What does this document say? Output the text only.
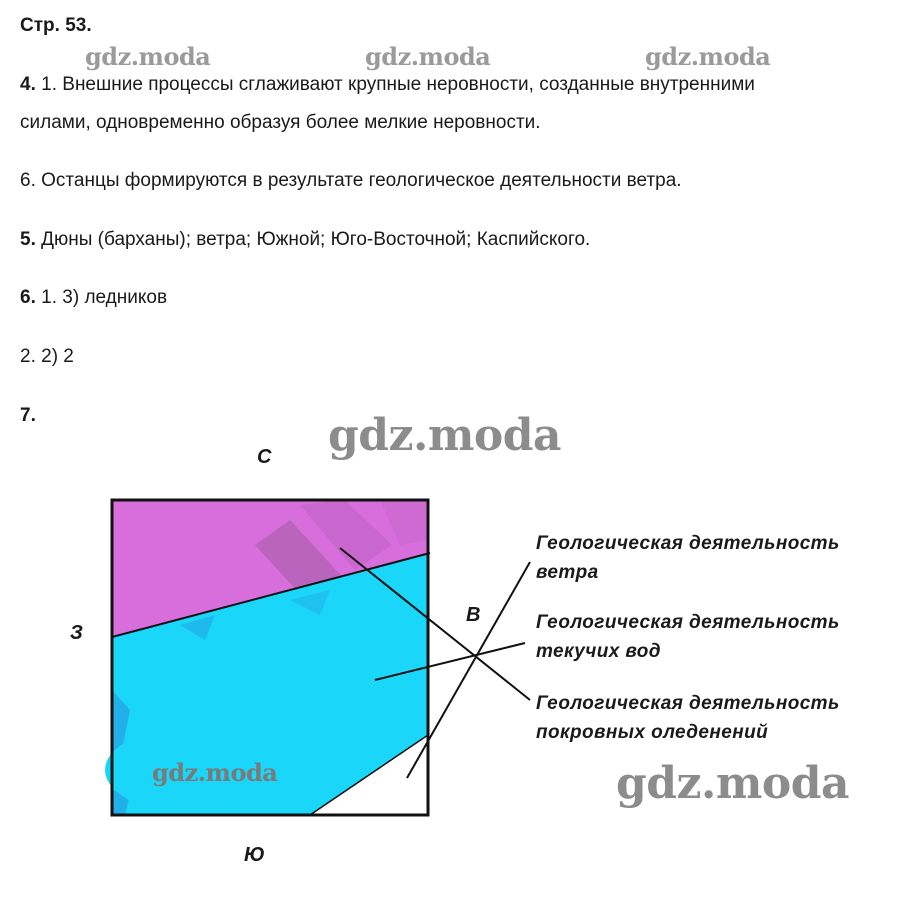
Стр. 53.
4. 1. Внешние процессы сглаживают крупные неровности, созданные внутренними
силами, одновременно образуя более мелкие неровности.
6. Останцы формируются в результате геологическое деятельности ветра.
5. Дюны (барханы); ветра; Южной; Юго-Восточной; Каспийского.
6. 1. 3) ледников
2. 2) 2
7.
gdz.moda	gdz.moda	gdz.moda
gdz.moda
gdz.moda	gdz.moda
С
Ю
З
В
Геологическая деятельность
ветра
Геологическая деятельность
текучих вод
Геологическая деятельность
покровных оледенений
